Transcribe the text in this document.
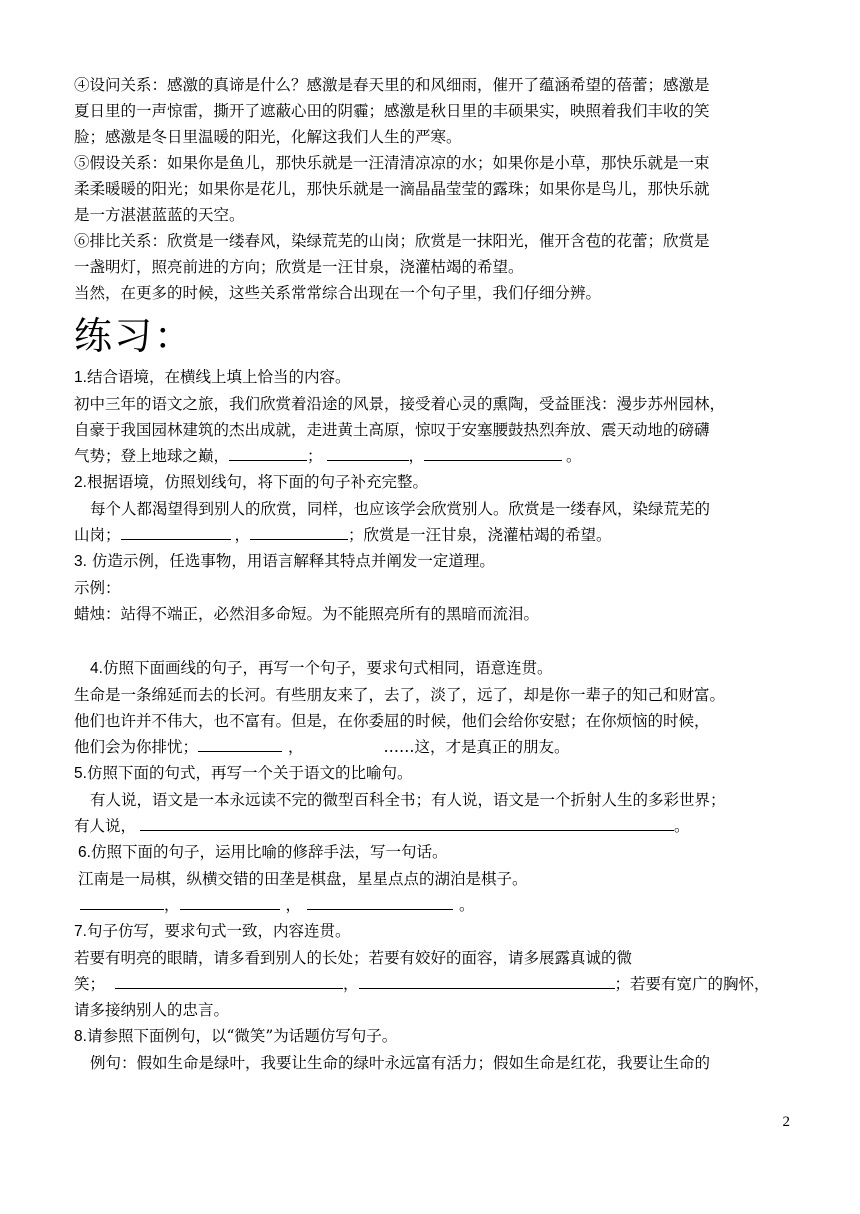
④设问关系：感激的真谛是什么？感激是春天里的和风细雨，催开了蕴涵希望的蓓蕾；感激是

夏日里的一声惊雷，撕开了遮蔽心田的阴霾；感激是秋日里的丰硕果实，映照着我们丰收的笑

脸；感激是冬日里温暖的阳光，化解这我们人生的严寒。

⑤假设关系：如果你是鱼儿，那快乐就是一汪清清凉凉的水；如果你是小草，那快乐就是一束

柔柔暖暖的阳光；如果你是花儿，那快乐就是一滴晶晶莹莹的露珠；如果你是鸟儿，那快乐就

是一方湛湛蓝蓝的天空。

⑥排比关系：欣赏是一缕春风，染绿荒芜的山岗；欣赏是一抹阳光，催开含苞的花蕾；欣赏是

一盏明灯，照亮前进的方向；欣赏是一汪甘泉，浇灌枯竭的希望。

当然，在更多的时候，这些关系常常综合出现在一个句子里，我们仔细分辨。

练习：

1.结合语境，在横线上填上恰当的内容。

初中三年的语文之旅，我们欣赏着沿途的风景，接受着心灵的熏陶，受益匪浅：漫步苏州园林，

自豪于我国园林建筑的杰出成就，走进黄土高原，惊叹于安塞腰鼓热烈奔放、震天动地的磅礴

气势；登上地球之巅，	；	，	。

2.根据语境，仿照划线句，将下面的句子补充完整。

每个人都渴望得到别人的欣赏，同样，也应该学会欣赏别人。欣赏是一缕春风，染绿荒芜的

山岗；	，	；欣赏是一汪甘泉，浇灌枯竭的希望。

3. 仿造示例，任选事物，用语言解释其特点并阐发一定道理。

示例：

蜡烛：站得不端正，必然泪多命短。为不能照亮所有的黑暗而流泪。

4.仿照下面画线的句子，再写一个句子，要求句式相同，语意连贯。

生命是一条绵延而去的长河。有些朋友来了，去了，淡了，远了，却是你一辈子的知己和财富。

他们也许并不伟大，也不富有。但是，在你委屈的时候，他们会给你安慰；在你烦恼的时候，

他们会为你排忧；	，	……这，才是真正的朋友。

5.仿照下面的句式，再写一个关于语文的比喻句。

有人说，语文是一本永远读不完的微型百科全书；有人说，语文是一个折射人生的多彩世界；

有人说，	。

6.仿照下面的句子，运用比喻的修辞手法，写一句话。

江南是一局棋，纵横交错的田垄是棋盘，星星点点的湖泊是棋子。

，	，	。

7.句子仿写，要求句式一致，内容连贯。

若要有明亮的眼睛，请多看到别人的长处；若要有姣好的面容，请多展露真诚的微

笑；	，	；若要有宽广的胸怀，

请多接纳别人的忠言。

8.请参照下面例句，以“微笑”为话题仿写句子。

例句：假如生命是绿叶，我要让生命的绿叶永远富有活力；假如生命是红花，我要让生命的

2
